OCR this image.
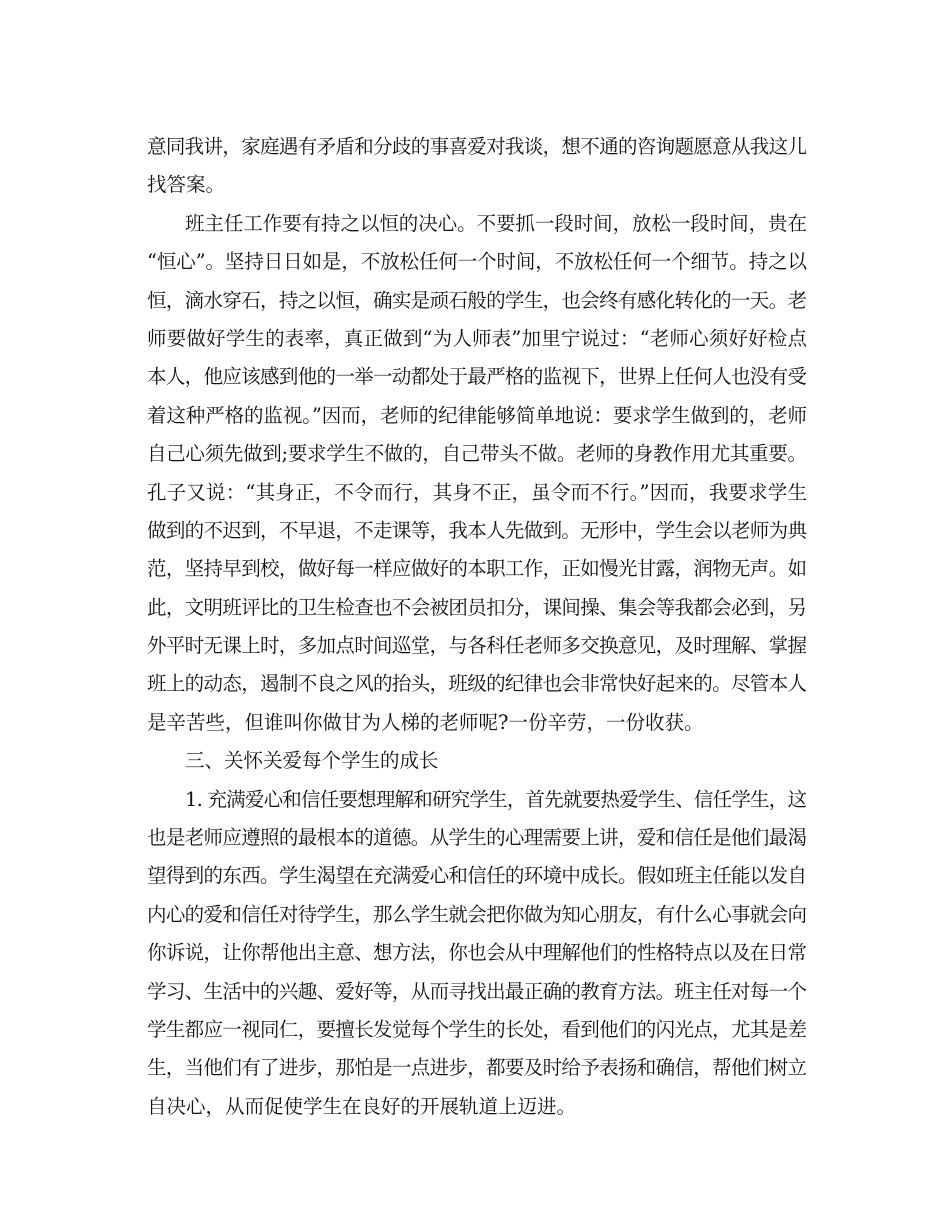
意同我讲，家庭遇有矛盾和分歧的事喜爱对我谈，想不通的咨询题愿意从我这儿
找答案。
班主任工作要有持之以恒的决心。不要抓一段时间，放松一段时间，贵在
“恒心”。坚持日日如是，不放松任何一个时间，不放松任何一个细节。持之以
恒，滴水穿石，持之以恒，确实是顽石般的学生，也会终有感化转化的一天。老
师要做好学生的表率，真正做到“为人师表”加里宁说过：“老师心须好好检点
本人，他应该感到他的一举一动都处于最严格的监视下，世界上任何人也没有受
着这种严格的监视。”因而，老师的纪律能够简单地说：要求学生做到的，老师
自己心须先做到;要求学生不做的，自己带头不做。老师的身教作用尤其重要。
孔子又说：“其身正，不令而行，其身不正，虽令而不行。”因而，我要求学生
做到的不迟到，不早退，不走课等，我本人先做到。无形中，学生会以老师为典
范，坚持早到校，做好每一样应做好的本职工作，正如慢光甘露，润物无声。如
此，文明班评比的卫生检查也不会被团员扣分，课间操、集会等我都会必到，另
外平时无课上时，多加点时间巡堂，与各科任老师多交换意见，及时理解、掌握
班上的动态，遏制不良之风的抬头，班级的纪律也会非常快好起来的。尽管本人
是辛苦些，但谁叫你做甘为人梯的老师呢?一份辛劳，一份收获。
三、关怀关爱每个学生的成长
1. 充满爱心和信任要想理解和研究学生，首先就要热爱学生、信任学生，这
也是老师应遵照的最根本的道德。从学生的心理需要上讲，爱和信任是他们最渴
望得到的东西。学生渴望在充满爱心和信任的环境中成长。假如班主任能以发自
内心的爱和信任对待学生，那么学生就会把你做为知心朋友，有什么心事就会向
你诉说，让你帮他出主意、想方法，你也会从中理解他们的性格特点以及在日常
学习、生活中的兴趣、爱好等，从而寻找出最正确的教育方法。班主任对每一个
学生都应一视同仁，要擅长发觉每个学生的长处，看到他们的闪光点，尤其是差
生，当他们有了进步，那怕是一点进步，都要及时给予表扬和确信，帮他们树立
自决心，从而促使学生在良好的开展轨道上迈进。
